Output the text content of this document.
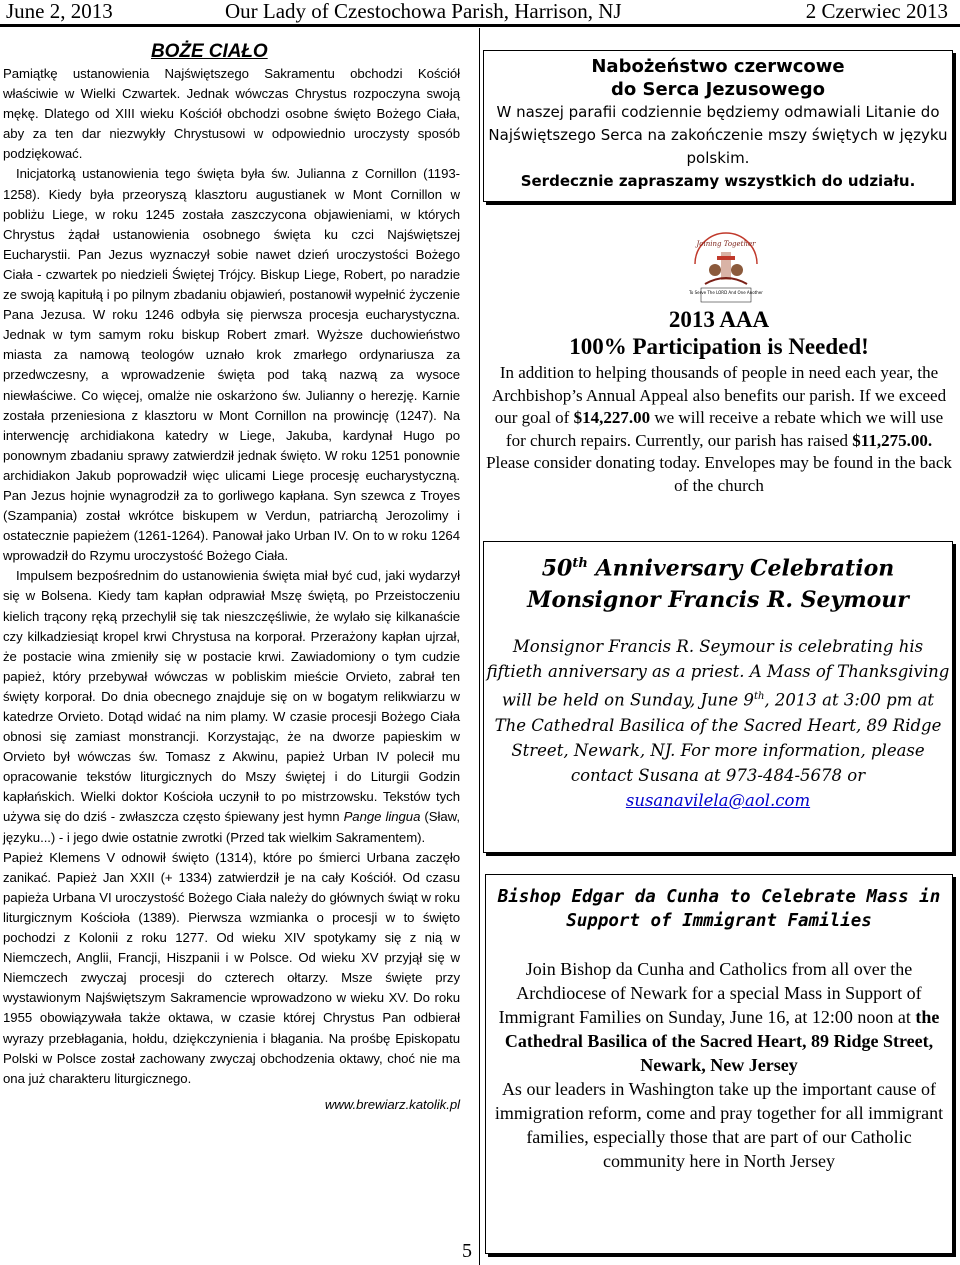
June 2, 2013	Our Lady of Czestochowa Parish, Harrison, NJ	2 Czerwiec 2013
BOŻE CIAŁO

Pamiątkę ustanowienia Najświętszego Sakramentu obchodzi Kościół właściwie w Wielki Czwartek. Jednak wówczas Chrystus rozpoczyna swoją mękę. Dlatego od XIII wieku Kościół obchodzi osobne święto Bożego Ciała, aby za ten dar niezwykły Chrystusowi w odpowiednio uroczysty sposób podziękować.

Inicjatorką ustanowienia tego święta była św. Julianna z Cornillon (1193-1258). Kiedy była przeoryszą klasztoru augustianek w Mont Cornillon w pobliżu Liege, w roku 1245 została zaszczycona objawieniami, w których Chrystus żądał ustanowienia osobnego święta ku czci Najświętszej Eucharystii. Pan Jezus wyznaczył sobie nawet dzień uroczystości Bożego Ciała - czwartek po niedzieli Świętej Trójcy. Biskup Liege, Robert, po naradzie ze swoją kapitułą i po pilnym zbadaniu objawień, postanowił wypełnić życzenie Pana Jezusa. W roku 1246 odbyła się pierwsza procesja eucharystyczna. Jednak w tym samym roku biskup Robert zmarł. Wyższe duchowieństwo miasta za namową teologów uznało krok zmarłego ordynariusza za przedwczesny, a wprowadzenie święta pod taką nazwą za wysoce niewłaściwe. Co więcej, omalże nie oskarżono św. Julianny o herezję. Karnie została przeniesiona z klasztoru w Mont Cornillon na prowincję (1247). Na interwencję archidiakona katedry w Liege, Jakuba, kardynał Hugo po ponownym zbadaniu sprawy zatwierdził jednak święto. W roku 1251 ponownie archidiakon Jakub poprowadził więc ulicami Liege procesję eucharystyczną. Pan Jezus hojnie wynagrodził za to gorliwego kapłana. Syn szewca z Troyes (Szampania) został wkrótce biskupem w Verdun, patriarchą Jerozolimy i ostatecznie papieżem (1261-1264). Panował jako Urban IV. On to w roku 1264 wprowadził do Rzymu uroczystość Bożego Ciała.

Impulsem bezpośrednim do ustanowienia święta miał być cud, jaki wydarzył się w Bolsena. Kiedy tam kapłan odprawiał Mszę świętą, po Przeistoczeniu kielich trącony ręką przechylił się tak nieszczęśliwie, że wylało się kilkanaście czy kilkadziesiąt kropel krwi Chrystusa na korporał. Przerażony kapłan ujrzał, że postacie wina zmieniły się w postacie krwi. Zawiadomiony o tym cudzie papież, który przebywał wówczas w pobliskim mieście Orvieto, zabrał ten święty korporał. Do dnia obecnego znajduje się on w bogatym relikwiarzu w katedrze Orvieto. Dotąd widać na nim plamy. W czasie procesji Bożego Ciała obnosi się zamiast monstrancji. Korzystając, że na dworze papieskim w Orvieto był wówczas św. Tomasz z Akwinu, papież Urban IV polecił mu opracowanie tekstów liturgicznych do Mszy świętej i do Liturgii Godzin kapłańskich. Wielki doktor Kościoła uczynił to po mistrzowsku. Tekstów tych używa się do dziś - zwłaszcza często śpiewany jest hymn Pange lingua (Sław, języku...) - i jego dwie ostatnie zwrotki (Przed tak wielkim Sakramentem).

Papież Klemens V odnowił święto (1314), które po śmierci Urbana zaczęło zanikać. Papież Jan XXII (+ 1334) zatwierdził je na cały Kościół. Od czasu papieża Urbana VI uroczystość Bożego Ciała należy do głównych świąt w roku liturgicznym Kościoła (1389). Pierwsza wzmianka o procesji w to święto pochodzi z Kolonii z roku 1277. Od wieku XIV spotykamy się z nią w Niemczech, Anglii, Francji, Hiszpanii i w Polsce. Od wieku XV przyjął się w Niemczech zwyczaj procesji do czterech ołtarzy. Msze święte przy wystawionym Najświętszym Sakramencie wprowadzono w wieku XV. Do roku 1955 obowiązywała także oktawa, w czasie której Chrystus Pan odbierał wyrazy przebłagania, hołdu, dziękczynienia i błagania. Na prośbę Episkopatu Polski w Polsce został zachowany zwyczaj obchodzenia oktawy, choć nie ma ona już charakteru liturgicznego.

www.brewiarz.katolik.pl

5
Nabożeństwo czerwcowe
do Serca Jezusowego
W naszej parafii codziennie będziemy odmawiali Litanie do Najświętszego Serca na zakończenie mszy świętych w języku polskim.
Serdecznie zapraszamy wszystkich do udziału.
Joining Together
To Serve The LORD And One Another
2013 AAA
100% Participation is Needed!
In addition to helping thousands of people in need each year, the Archbishop’s Annual Appeal also benefits our parish. If we exceed our goal of $14,227.00 we will receive a rebate which we will use for church repairs. Currently, our parish has raised $11,275.00. Please consider donating today. Envelopes may be found in the back of the church
50th Anniversary Celebration
Monsignor Francis R. Seymour
Monsignor Francis R. Seymour is celebrating his fiftieth anniversary as a priest. A Mass of Thanksgiving will be held on Sunday, June 9th, 2013 at 3:00 pm at The Cathedral Basilica of the Sacred Heart, 89 Ridge Street, Newark, NJ. For more information, please contact Susana at 973-484-5678 or susanavilela@aol.com
Bishop Edgar da Cunha to Celebrate Mass in Support of Immigrant Families
Join Bishop da Cunha and Catholics from all over the Archdiocese of Newark for a special Mass in Support of Immigrant Families on Sunday, June 16, at 12:00 noon at the Cathedral Basilica of the Sacred Heart, 89 Ridge Street, Newark, New Jersey
As our leaders in Washington take up the important cause of immigration reform, come and pray together for all immigrant families, especially those that are part of our Catholic community here in North Jersey
